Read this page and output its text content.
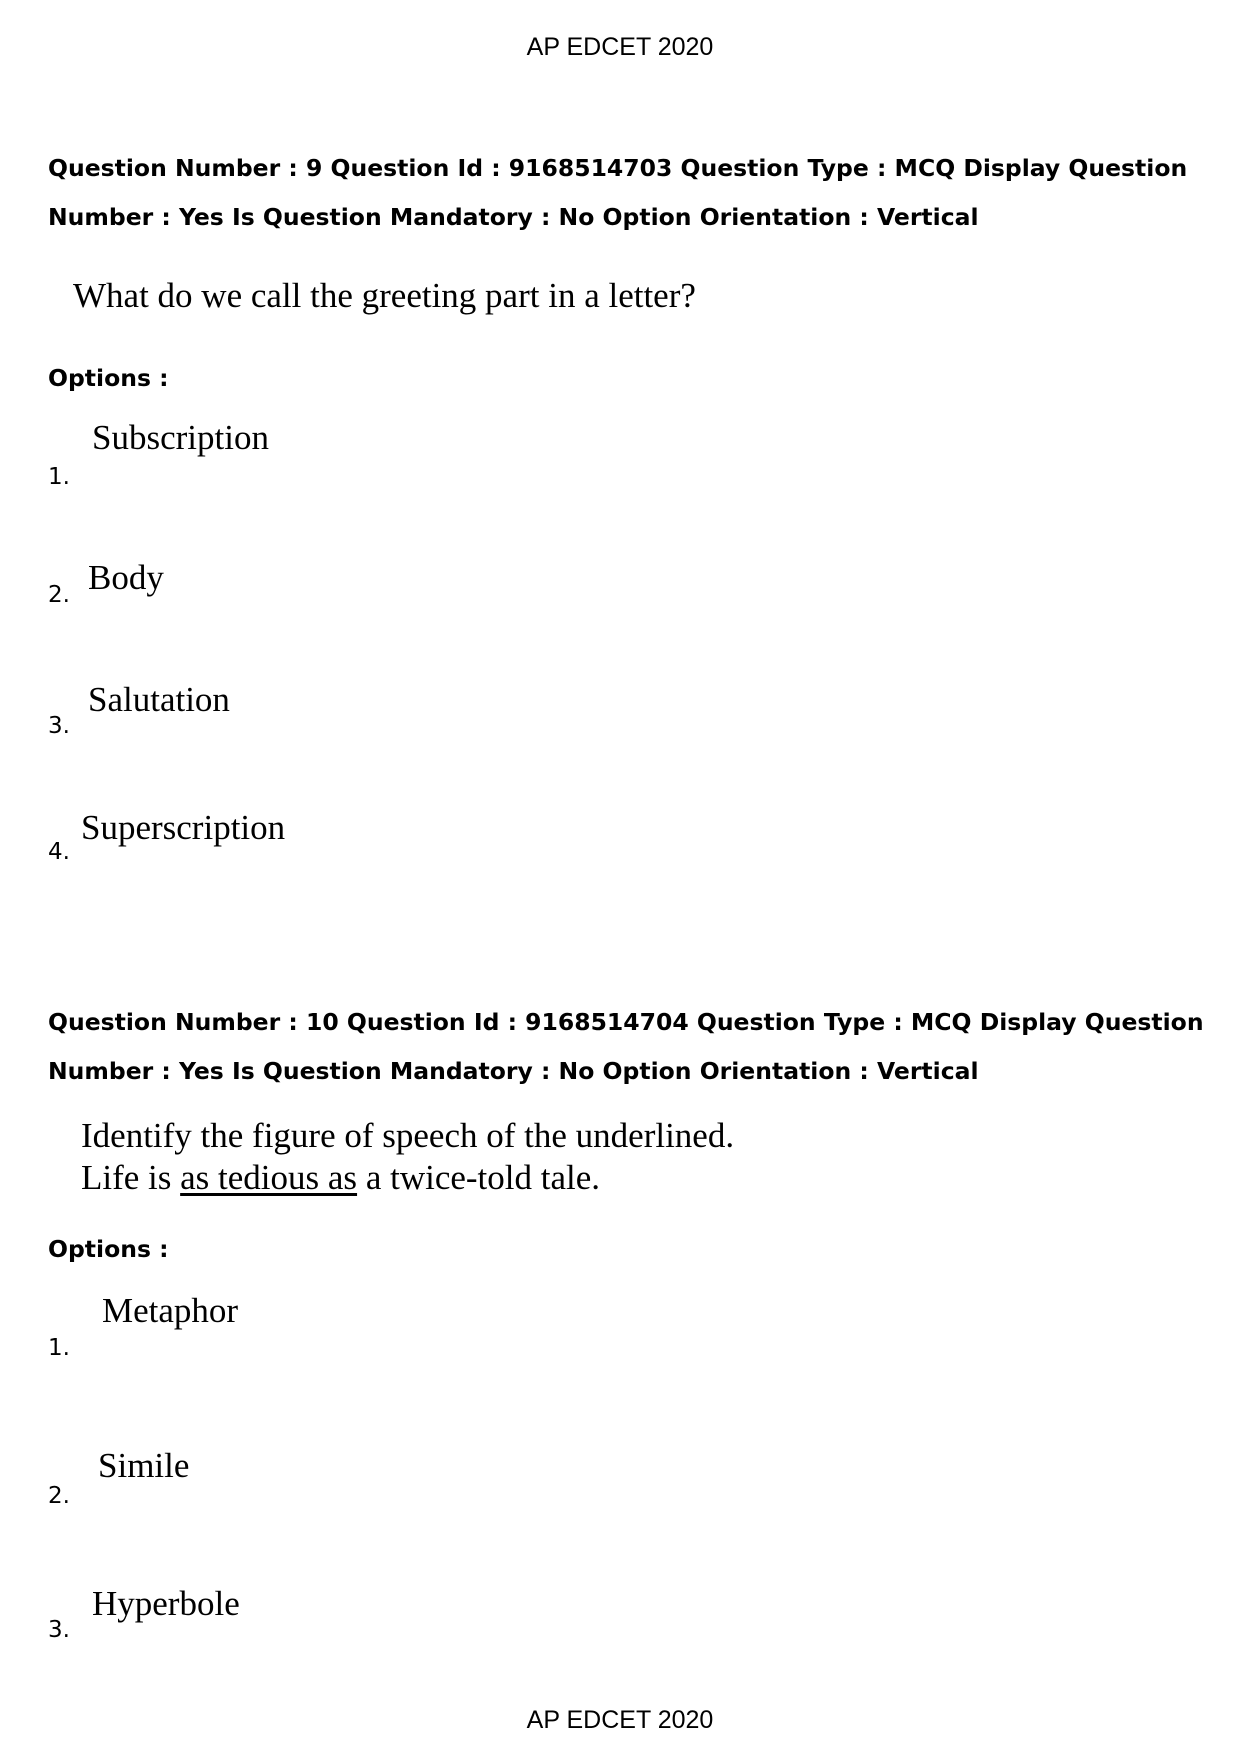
AP EDCET 2020
Question Number : 9 Question Id : 9168514703 Question Type : MCQ Display Question
Number : Yes Is Question Mandatory : No Option Orientation : Vertical
What do we call the greeting part in a letter?
Options :
Subscription
1.
Body
2.
Salutation
3.
Superscription
4.
Question Number : 10 Question Id : 9168514704 Question Type : MCQ Display Question
Number : Yes Is Question Mandatory : No Option Orientation : Vertical
Identify the figure of speech of the underlined.
Life is as tedious as a twice-told tale.
Options :
Metaphor
1.
Simile
2.
Hyperbole
3.
AP EDCET 2020
